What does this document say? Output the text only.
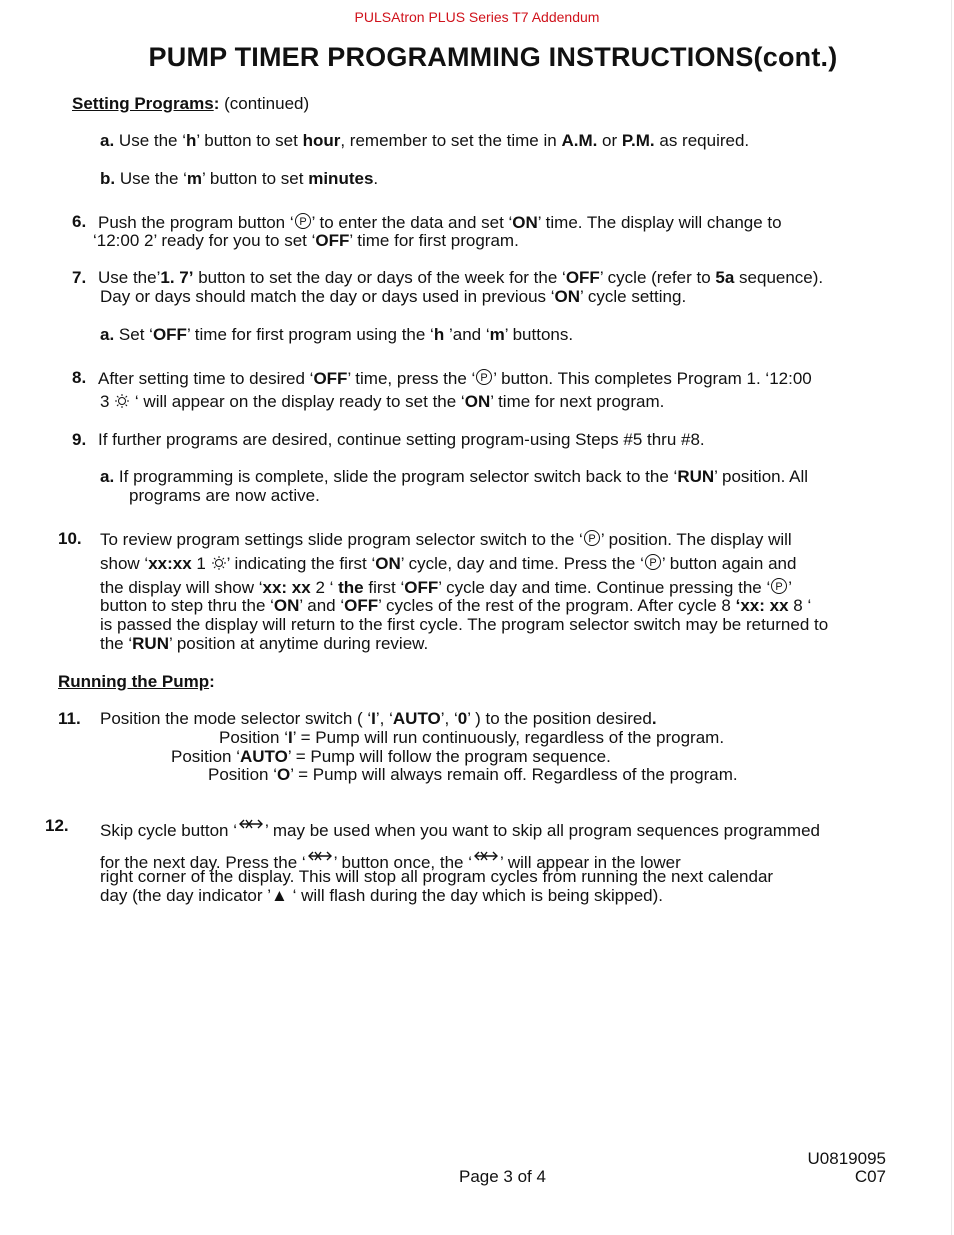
PULSAtron PLUS Series T7 Addendum
PUMP TIMER PROGRAMMING INSTRUCTIONS(cont.)
Setting Programs: (continued)
a. Use the ‘h’ button to set hour, remember to set the time in A.M. or P.M. as required.
b. Use the ‘m’ button to set minutes.
6. Push the program button ‘ P ’ to enter the data and set ‘ON’ time. The display will change to
‘12:00 2’ ready for you to set ‘OFF’ time for first program.
7. Use the’1. 7’ button to set the day or days of the week for the ‘OFF’ cycle (refer to 5a sequence).
Day or days should match the day or days used in previous ‘ON’ cycle setting.
a. Set ‘OFF’ time for first program using the ‘h ’and ‘m’ buttons.
8. After setting time to desired ‘OFF’ time, press the ‘ P ’ button. This completes Program 1. ‘12:00
3  ‘ will appear on the display ready to set the ‘ON’ time for next program.
9. If further programs are desired, continue setting program-using Steps #5 thru #8.
a. If programming is complete, slide the program selector switch back to the ‘RUN’ position. All
programs are now active.
10. To review program settings slide program selector switch to the ‘ P ’ position. The display will
show ‘xx:xx 1 ’ indicating the first ‘ON’ cycle, day and time. Press the ‘ P ’ button again and
the display will show ‘xx: xx 2 ‘ the first ‘OFF’ cycle day and time. Continue pressing the ‘ P ’
button to step thru the ‘ON’ and ‘OFF’ cycles of the rest of the program. After cycle 8 ‘xx: xx 8 ‘
is passed the display will return to the first cycle. The program selector switch may be returned to
the ‘RUN’ position at anytime during review.
Running the Pump:
11. Position the mode selector switch ( ‘I’, ‘AUTO’, ‘0’ ) to the position desired.
Position ‘I’ = Pump will run continuously, regardless of the program.
Position ‘AUTO’ = Pump will follow the program sequence.
Position ‘O’ = Pump will always remain off. Regardless of the program.
12. Skip cycle button ‘ ’ may be used when you want to skip all program sequences programmed
for the next day. Press the ‘ ’ button once, the ‘ ’ will appear in the lower
right corner of the display. This will stop all program cycles from running the next calendar
day (the day indicator ’▲ ‘ will flash during the day which is being skipped).
Page 3 of 4
U0819095
C07
